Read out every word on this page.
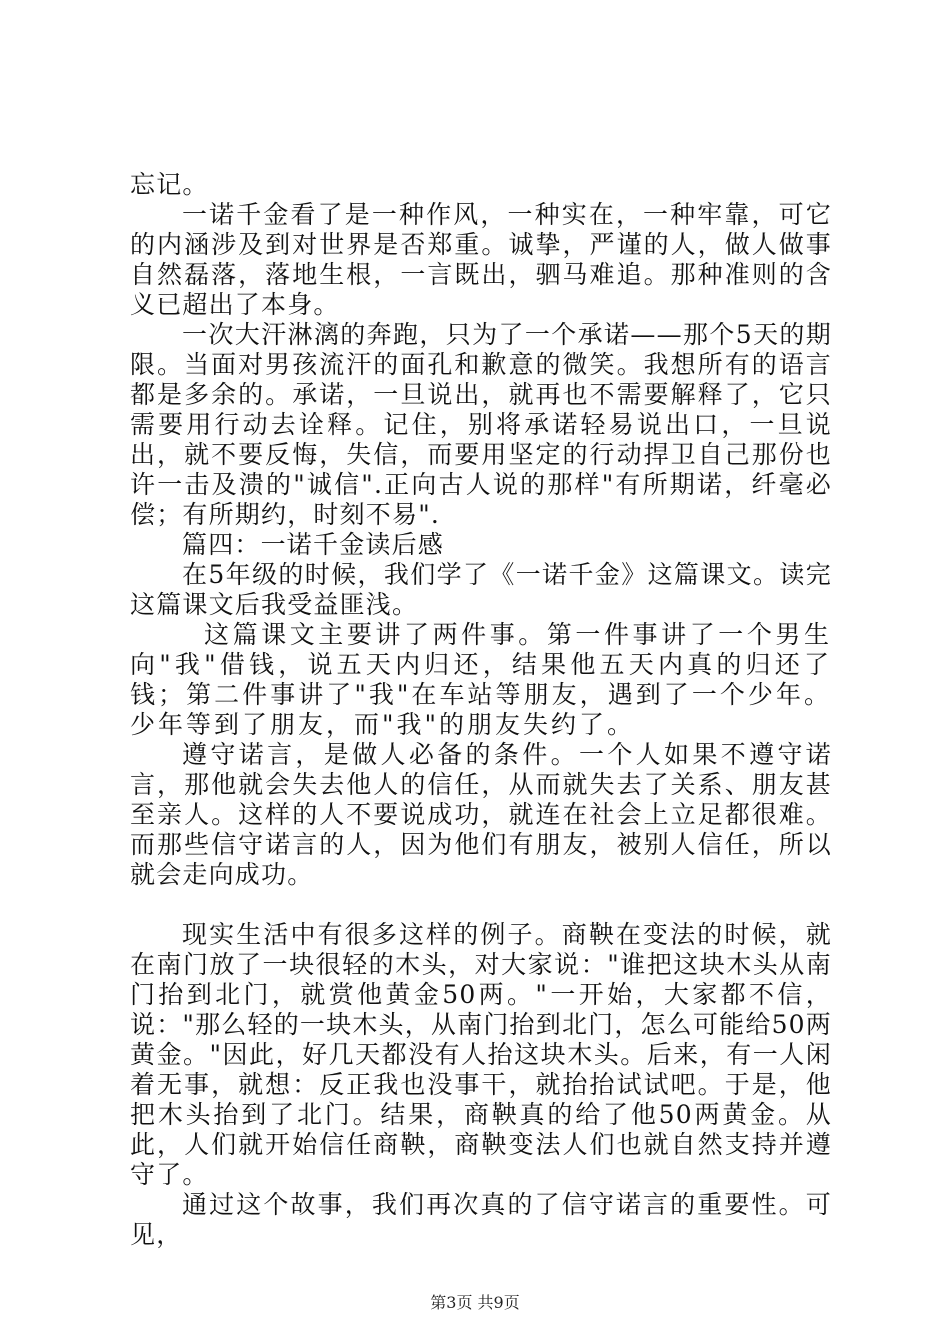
忘记。

一诺千金看了是一种作风，一种实在，一种牢靠，可它的内涵涉及到对世界是否郑重。诚挚，严谨的人，做人做事自然磊落，落地生根，一言既出，驷马难追。那种准则的含义已超出了本身。

一次大汗淋漓的奔跑，只为了一个承诺——那个5天的期限。当面对男孩流汗的面孔和歉意的微笑。我想所有的语言都是多余的。承诺，一旦说出，就再也不需要解释了，它只需要用行动去诠释。记住，别将承诺轻易说出口，一旦说出，就不要反悔，失信，而要用坚定的行动捍卫自己那份也许一击及溃的"诚信".正向古人说的那样"有所期诺，纤毫必偿；有所期约，时刻不易".

篇四：一诺千金读后感

在5年级的时候，我们学了《一诺千金》这篇课文。读完这篇课文后我受益匪浅。

这篇课文主要讲了两件事。第一件事讲了一个男生向"我"借钱，说五天内归还，结果他五天内真的归还了钱；第二件事讲了"我"在车站等朋友，遇到了一个少年。少年等到了朋友，而"我"的朋友失约了。

遵守诺言，是做人必备的条件。一个人如果不遵守诺言，那他就会失去他人的信任，从而就失去了关系、朋友甚至亲人。这样的人不要说成功，就连在社会上立足都很难。而那些信守诺言的人，因为他们有朋友，被别人信任，所以就会走向成功。

现实生活中有很多这样的例子。商鞅在变法的时候，就在南门放了一块很轻的木头，对大家说："谁把这块木头从南门抬到北门，就赏他黄金50两。"一开始，大家都不信，说："那么轻的一块木头，从南门抬到北门，怎么可能给50两黄金。"因此，好几天都没有人抬这块木头。后来，有一人闲着无事，就想：反正我也没事干，就抬抬试试吧。于是，他把木头抬到了北门。结果，商鞅真的给了他50两黄金。从此，人们就开始信任商鞅，商鞅变法人们也就自然支持并遵守了。

通过这个故事，我们再次真的了信守诺言的重要性。可见，

第3页 共9页
